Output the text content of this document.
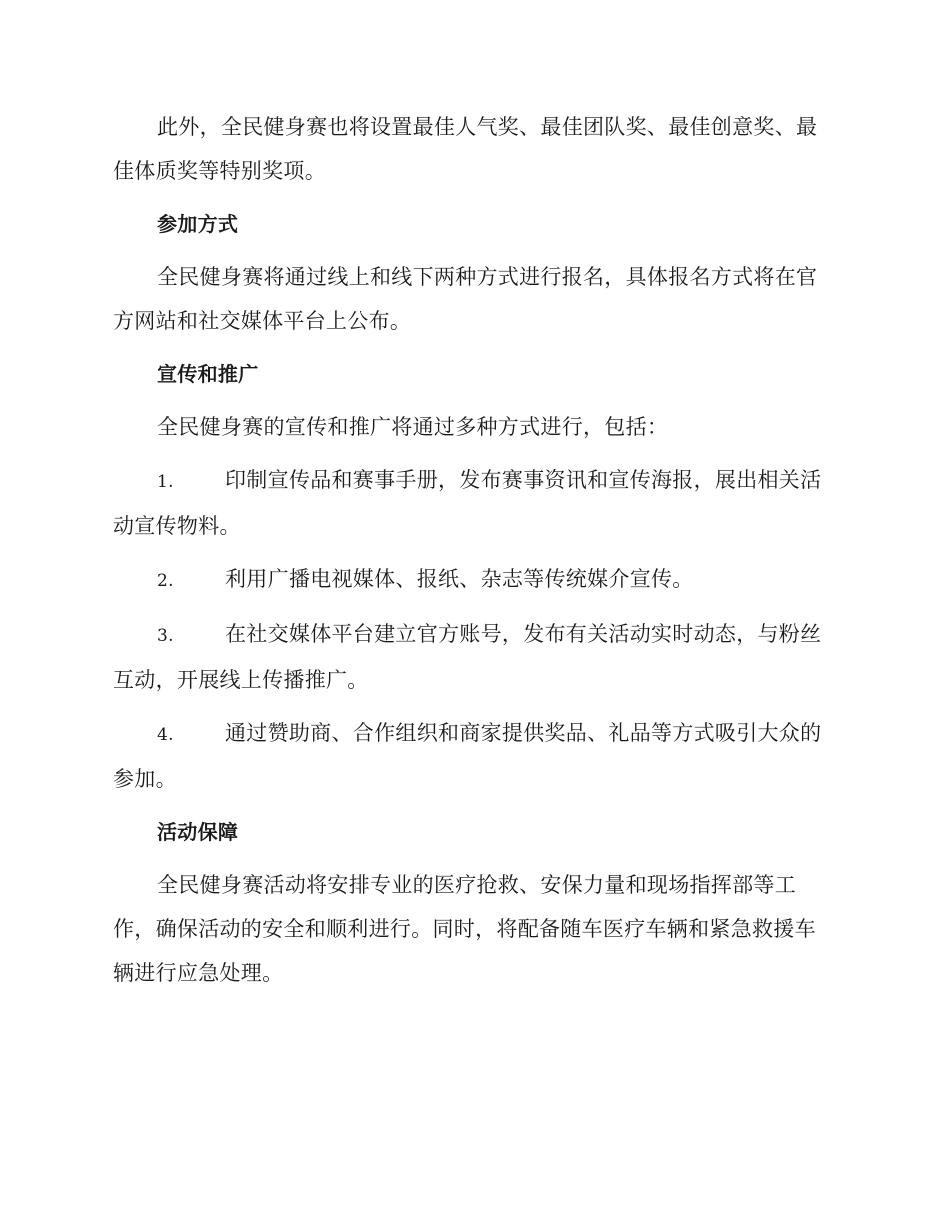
此外，全民健身赛也将设置最佳人气奖、最佳团队奖、最佳创意奖、最佳体质奖等特别奖项。

参加方式

全民健身赛将通过线上和线下两种方式进行报名，具体报名方式将在官方网站和社交媒体平台上公布。

宣传和推广

全民健身赛的宣传和推广将通过多种方式进行，包括：

1. 印制宣传品和赛事手册，发布赛事资讯和宣传海报，展出相关活动宣传物料。

2. 利用广播电视媒体、报纸、杂志等传统媒介宣传。

3. 在社交媒体平台建立官方账号，发布有关活动实时动态，与粉丝互动，开展线上传播推广。

4. 通过赞助商、合作组织和商家提供奖品、礼品等方式吸引大众的参加。

活动保障

全民健身赛活动将安排专业的医疗抢救、安保力量和现场指挥部等工作，确保活动的安全和顺利进行。同时，将配备随车医疗车辆和紧急救援车辆进行应急处理。
